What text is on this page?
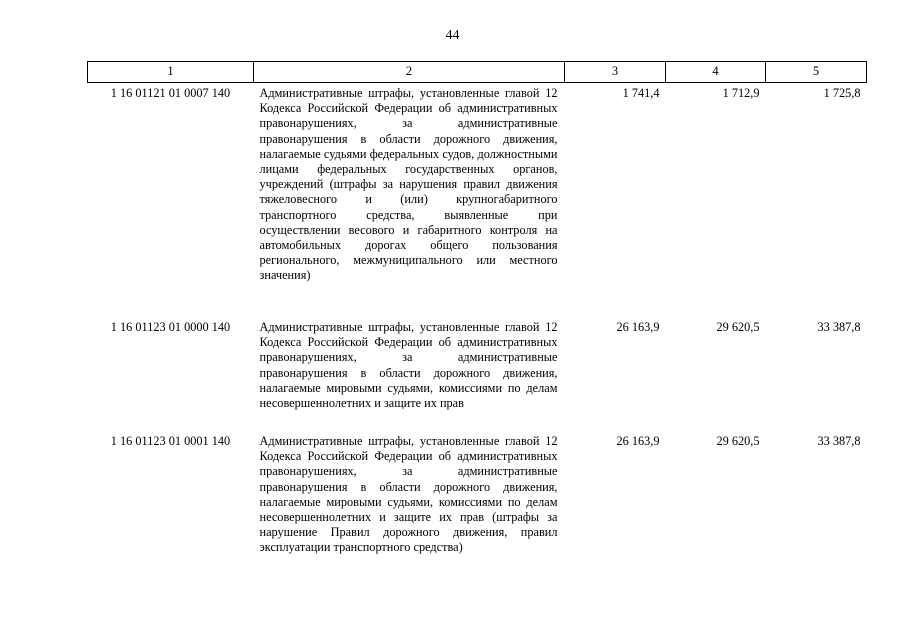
44
1	2	3	4	5
1 16 01121 01 0007 140	Административные штрафы, установленные главой 12 Кодекса Российской Федерации об административных правонарушениях, за административные правонарушения в области дорожного движения, налагаемые судьями федеральных судов, должностными лицами федеральных государственных органов, учреждений (штрафы за нарушения правил движения тяжеловесного и (или) крупногабаритного транспортного средства, выявленные при осуществлении весового и габаритного контроля на автомобильных дорогах общего пользования регионального, межмуниципального или местного значения)	1 741,4	1 712,9	1 725,8
1 16 01123 01 0000 140	Административные штрафы, установленные главой 12 Кодекса Российской Федерации об административных правонарушениях, за административные правонарушения в области дорожного движения, налагаемые мировыми судьями, комиссиями по делам несовершеннолетних и защите их прав	26 163,9	29 620,5	33 387,8
1 16 01123 01 0001 140	Административные штрафы, установленные главой 12 Кодекса Российской Федерации об административных правонарушениях, за административные правонарушения в области дорожного движения, налагаемые мировыми судьями, комиссиями по делам несовершеннолетних и защите их прав (штрафы за нарушение Правил дорожного движения, правил эксплуатации транспортного средства)	26 163,9	29 620,5	33 387,8
